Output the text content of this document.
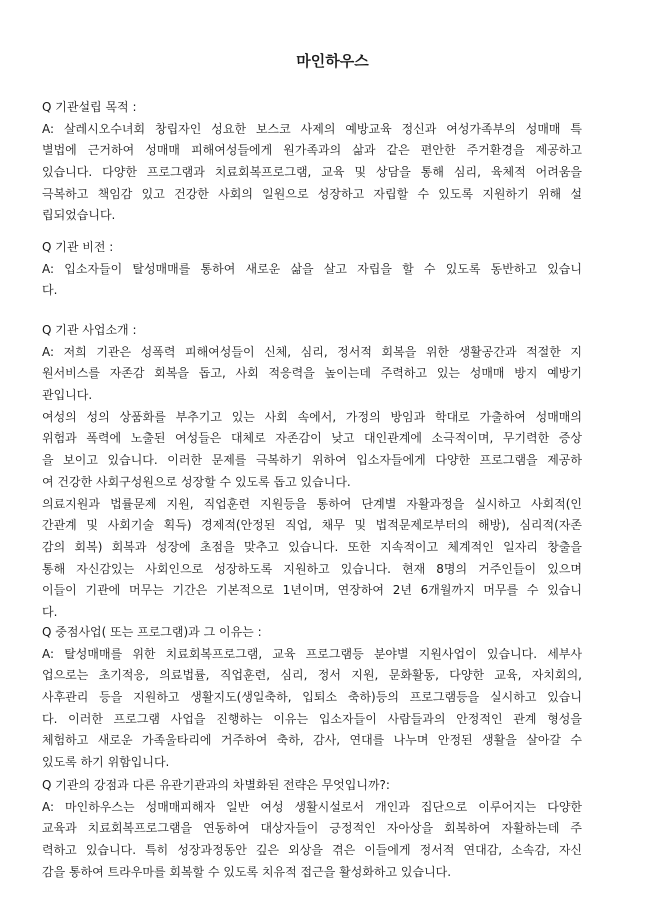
마인하우스
Q 기관설립 목적 :
A: 살레시오수녀회 창립자인 성요한 보스코 사제의 예방교육 정신과 여성가족부의 성매매 특
별법에 근거하여 성매매 피해여성들에게 원가족과의 삶과 같은 편안한 주거환경을 제공하고
있습니다. 다양한 프로그램과 치료회복프로그램, 교육 및 상담을 통해 심리, 육체적 어려움을
극복하고 책임감 있고 건강한 사회의 일원으로 성장하고 자립할 수 있도록 지원하기 위해 설
립되었습니다.
Q 기관 비전 :
A: 입소자들이 탈성매매를 통하여 새로운 삶을 살고 자립을 할 수 있도록 동반하고 있습니
다.
Q 기관 사업소개 :
A: 저희 기관은 성폭력 피해여성들이 신체, 심리, 정서적 회복을 위한 생활공간과 적절한 지
원서비스를 자존감 회복을 돕고, 사회 적응력을 높이는데 주력하고 있는 성매매 방지 예방기
관입니다.
여성의 성의 상품화를 부추기고 있는 사회 속에서, 가정의 방임과 학대로 가출하여 성매매의
위험과 폭력에 노출된 여성들은 대체로 자존감이 낮고 대인관계에 소극적이며, 무기력한 증상
을 보이고 있습니다. 이러한 문제를 극복하기 위하여 입소자들에게 다양한 프로그램을 제공하
여 건강한 사회구성원으로 성장할 수 있도록 돕고 있습니다.
의료지원과 법률문제 지원, 직업훈련 지원등을 통하여 단계별 자활과정을 실시하고 사회적(인
간관계 및 사회기술 획득) 경제적(안정된 직업, 채무 및 법적문제로부터의 해방), 심리적(자존
감의 회복) 회복과 성장에 초점을 맞추고 있습니다. 또한 지속적이고 체계적인 일자리 창출을
통해 자신감있는 사회인으로 성장하도록 지원하고 있습니다. 현재 8명의 거주인들이 있으며
이들이 기관에 머무는 기간은 기본적으로 1년이며, 연장하여 2년 6개월까지 머무를 수 있습니
다.
Q 중점사업( 또는 프로그램)과 그 이유는 :
A: 탈성매매를 위한 치료회복프로그램, 교육 프로그램등 분야별 지원사업이 있습니다. 세부사
업으로는 초기적응, 의료법률, 직업훈련, 심리, 정서 지원, 문화활동, 다양한 교육, 자치회의,
사후관리 등을 지원하고 생활지도(생일축하, 입퇴소 축하)등의 프로그램등을 실시하고 있습니
다. 이러한 프로그램 사업을 진행하는 이유는 입소자들이 사람들과의 안정적인 관계 형성을
체험하고 새로운 가족울타리에 거주하여 축하, 감사, 연대를 나누며 안정된 생활을 살아갈 수
있도록 하기 위함입니다.
Q 기관의 강점과 다른 유관기관과의 차별화된 전략은 무엇입니까?:
A: 마인하우스는 성매매피해자 일반 여성 생활시설로서 개인과 집단으로 이루어지는 다양한
교육과 치료회복프로그램을 연동하여 대상자들이 긍정적인 자아상을 회복하여 자활하는데 주
력하고 있습니다. 특히 성장과정동안 깊은 외상을 겪은 이들에게 정서적 연대감, 소속감, 자신
감을 통하여 트라우마를 회복할 수 있도록 치유적 접근을 활성화하고 있습니다.
